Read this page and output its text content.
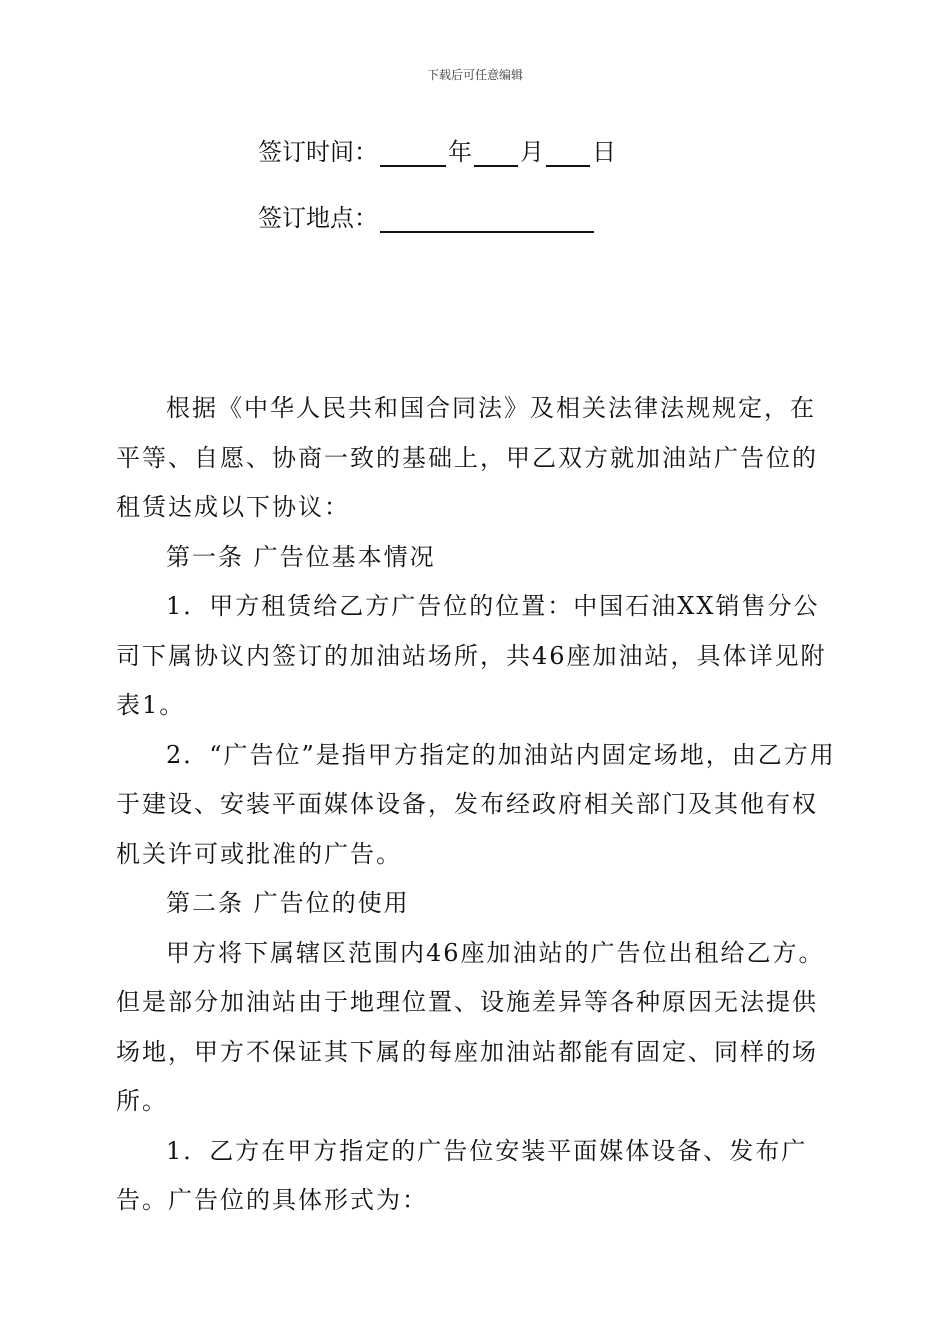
下载后可任意编辑
签订时间：	年 月 日
签订地点：

根据《中华人民共和国合同法》及相关法律法规规定，在平等、自愿、协商一致的基础上，甲乙双方就加油站广告位的租赁达成以下协议：

第一条 广告位基本情况

1．甲方租赁给乙方广告位的位置：中国石油XX销售分公司下属协议内签订的加油站场所，共46座加油站，具体详见附表1。

2．“广告位”是指甲方指定的加油站内固定场地，由乙方用于建设、安装平面媒体设备，发布经政府相关部门及其他有权机关许可或批准的广告。

第二条 广告位的使用

甲方将下属辖区范围内46座加油站的广告位出租给乙方。但是部分加油站由于地理位置、设施差异等各种原因无法提供场地，甲方不保证其下属的每座加油站都能有固定、同样的场所。

1．乙方在甲方指定的广告位安装平面媒体设备、发布广告。广告位的具体形式为：
